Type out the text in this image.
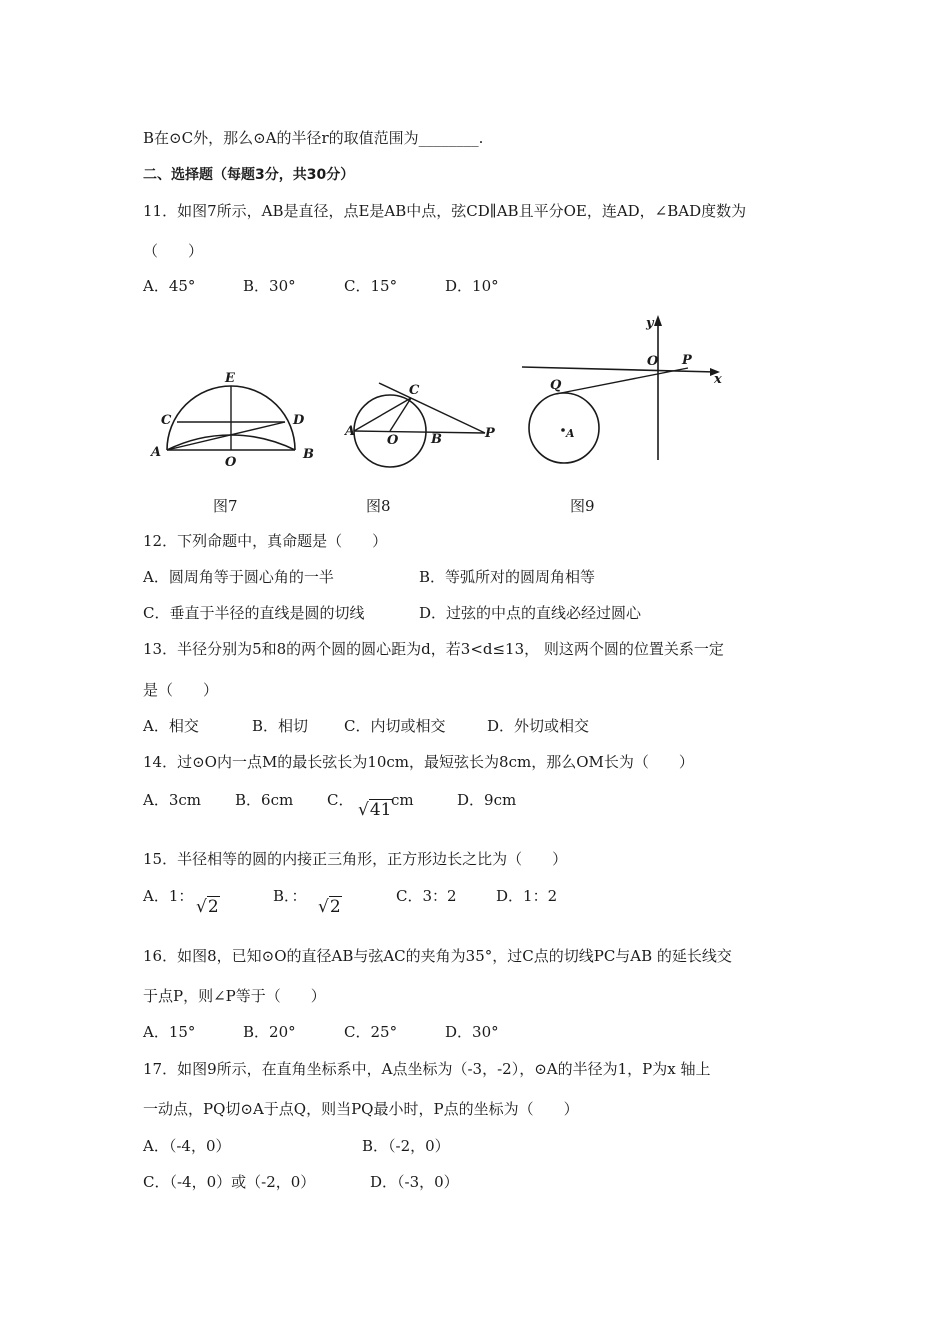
B在⊙C外，那么⊙A的半径r的取值范围为________.
二、选择题（每题3分，共30分）
11．如图7所示，AB是直径，点E是AB中点，弦CD∥AB且平分OE，连AD，∠BAD度数为
（　　）
A．45°	B．30°	C．15°	D．10°
E
C	D
A
O
B
图7
C
A
O	B	P
图8
y
O P
x
Q
A
图9
12．下列命题中，真命题是（　　）
A．圆周角等于圆心角的一半	B．等弧所对的圆周角相等
C．垂直于半径的直线是圆的切线	D．过弦的中点的直线必经过圆心
13．半径分别为5和8的两个圆的圆心距为d，若3<d≤13， 则这两个圆的位置关系一定
是（　　）
A．相交	B．相切 C．内切或相交	D．外切或相交
14．过⊙O内一点M的最长弦长为10cm，最短弦长为8cm，那么OM长为（　　）
A．3cm B．6cm C． √41 cm	D．9cm
15．半径相等的圆的内接正三角形，正方形边长之比为（　　）
A．1：
√2
B．：
√2
C．3：2	D．1：2
16．如图8，已知⊙O的直径AB与弦AC的夹角为35°，过C点的切线PC与AB 的延长线交
于点P，则∠P等于（　　）
A．15°	B．20°	C．25°	D．30°
17．如图9所示，在直角坐标系中，A点坐标为（-3，-2），⊙A的半径为1，P为x 轴上
一动点，PQ切⊙A于点Q，则当PQ最小时，P点的坐标为（　　）
A．（-4，0）	B．（-2，0）
C．（-4，0）或（-2，0）	D．（-3，0）
